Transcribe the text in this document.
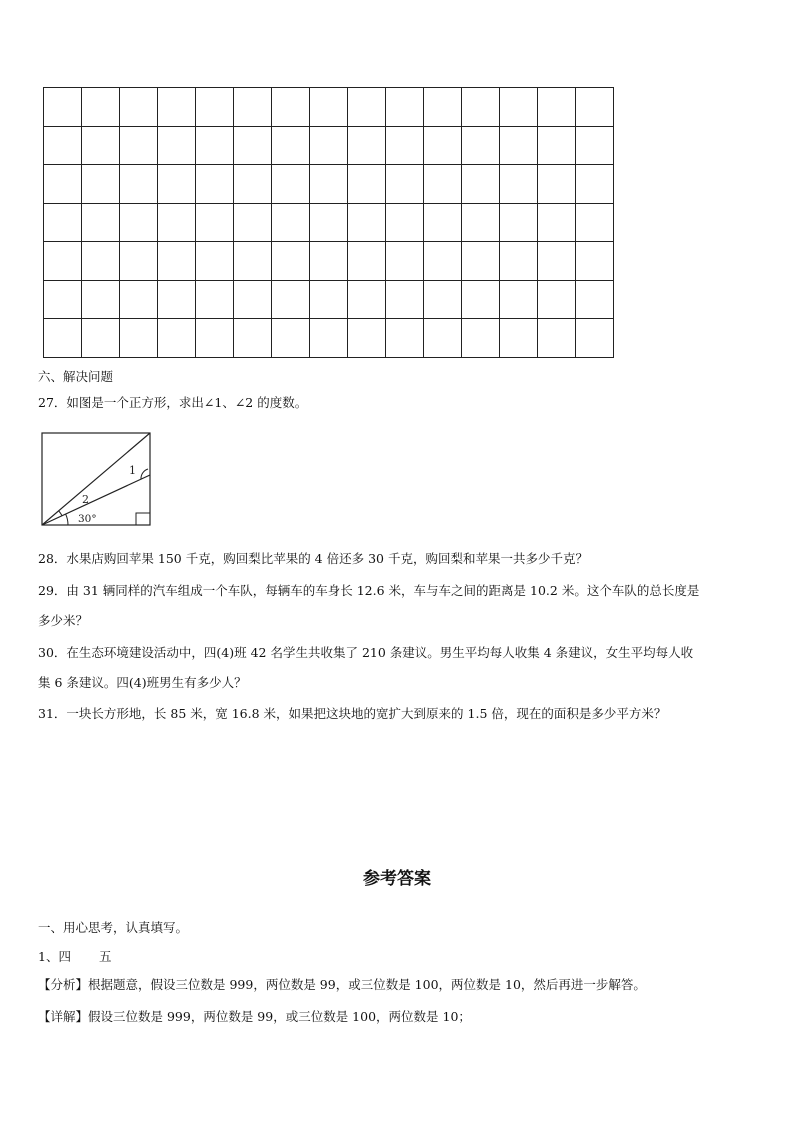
六、解决问题
27．如图是一个正方形，求出∠1、∠2 的度数。
1
2
30°
28．水果店购回苹果 150 千克，购回梨比苹果的 4 倍还多 30 千克，购回梨和苹果一共多少千克？
29．由 31 辆同样的汽车组成一个车队，每辆车的车身长 12.6 米，车与车之间的距离是 10.2 米。这个车队的总长度是
多少米？
30．在生态环境建设活动中，四(4)班 42 名学生共收集了 210 条建议。男生平均每人收集 4 条建议，女生平均每人收
集 6 条建议。四(4)班男生有多少人？
31．一块长方形地，长 85 米，宽 16.8 米，如果把这块地的宽扩大到原来的 1.5 倍，现在的面积是多少平方米？
参考答案
一、用心思考，认真填写。
1、四 五
【分析】根据题意，假设三位数是 999，两位数是 99，或三位数是 100，两位数是 10，然后再进一步解答。
【详解】假设三位数是 999，两位数是 99，或三位数是 100，两位数是 10；
